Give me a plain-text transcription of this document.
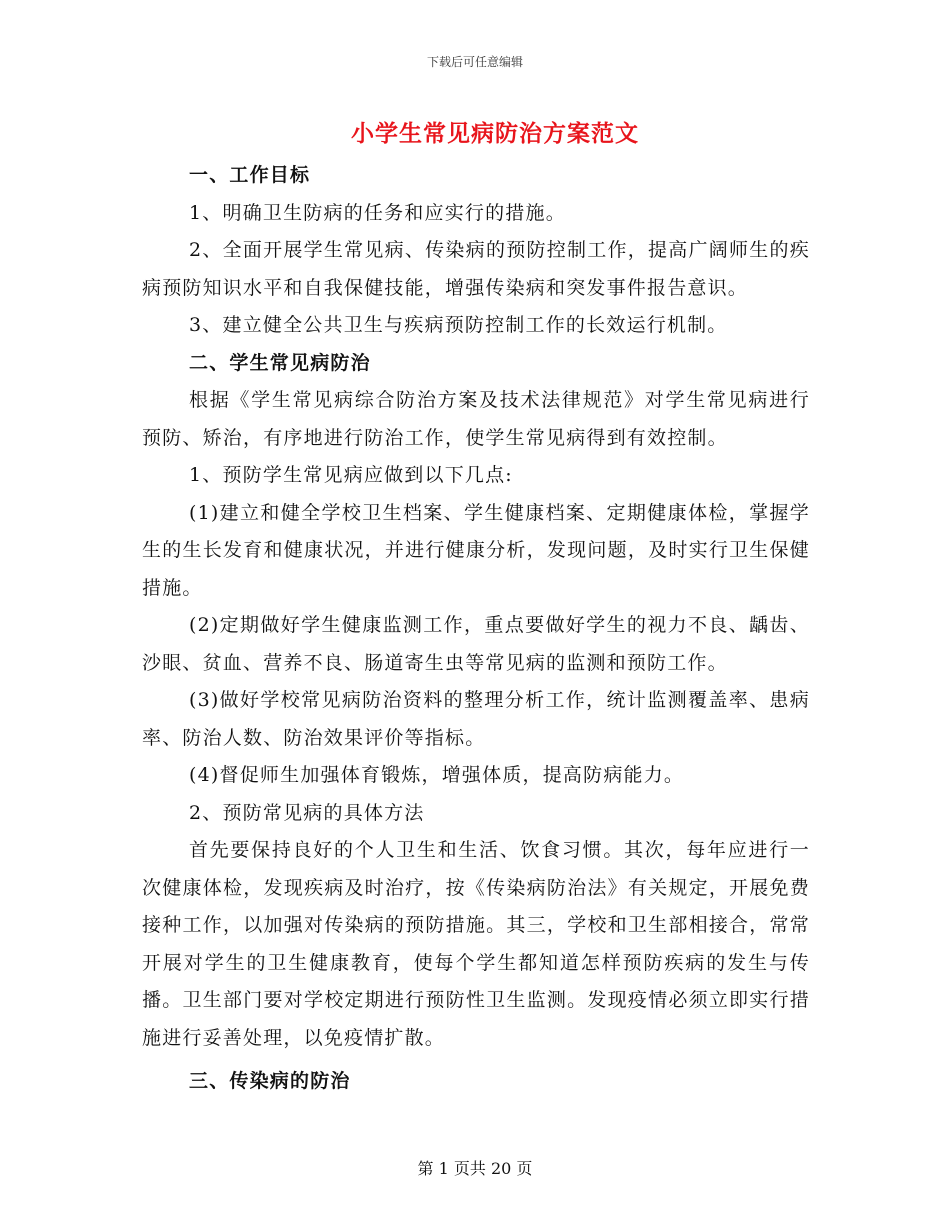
下载后可任意编辑
小学生常见病防治方案范文

一、工作目标

1、明确卫生防病的任务和应实行的措施。

2、全面开展学生常见病、传染病的预防控制工作，提高广阔师生的疾病预防知识水平和自我保健技能，增强传染病和突发事件报告意识。

3、建立健全公共卫生与疾病预防控制工作的长效运行机制。

二、学生常见病防治

根据《学生常见病综合防治方案及技术法律规范》对学生常见病进行预防、矫治，有序地进行防治工作，使学生常见病得到有效控制。

1、预防学生常见病应做到以下几点:

(1)建立和健全学校卫生档案、学生健康档案、定期健康体检，掌握学生的生长发育和健康状况，并进行健康分析，发现问题，及时实行卫生保健措施。

(2)定期做好学生健康监测工作，重点要做好学生的视力不良、龋齿、沙眼、贫血、营养不良、肠道寄生虫等常见病的监测和预防工作。

(3)做好学校常见病防治资料的整理分析工作，统计监测覆盖率、患病率、防治人数、防治效果评价等指标。

(4)督促师生加强体育锻炼，增强体质，提高防病能力。

2、预防常见病的具体方法

首先要保持良好的个人卫生和生活、饮食习惯。其次，每年应进行一次健康体检，发现疾病及时治疗，按《传染病防治法》有关规定，开展免费接种工作，以加强对传染病的预防措施。其三，学校和卫生部相接合，常常开展对学生的卫生健康教育，使每个学生都知道怎样预防疾病的发生与传播。卫生部门要对学校定期进行预防性卫生监测。发现疫情必须立即实行措施进行妥善处理，以免疫情扩散。

三、传染病的防治

第 1 页共 20 页
